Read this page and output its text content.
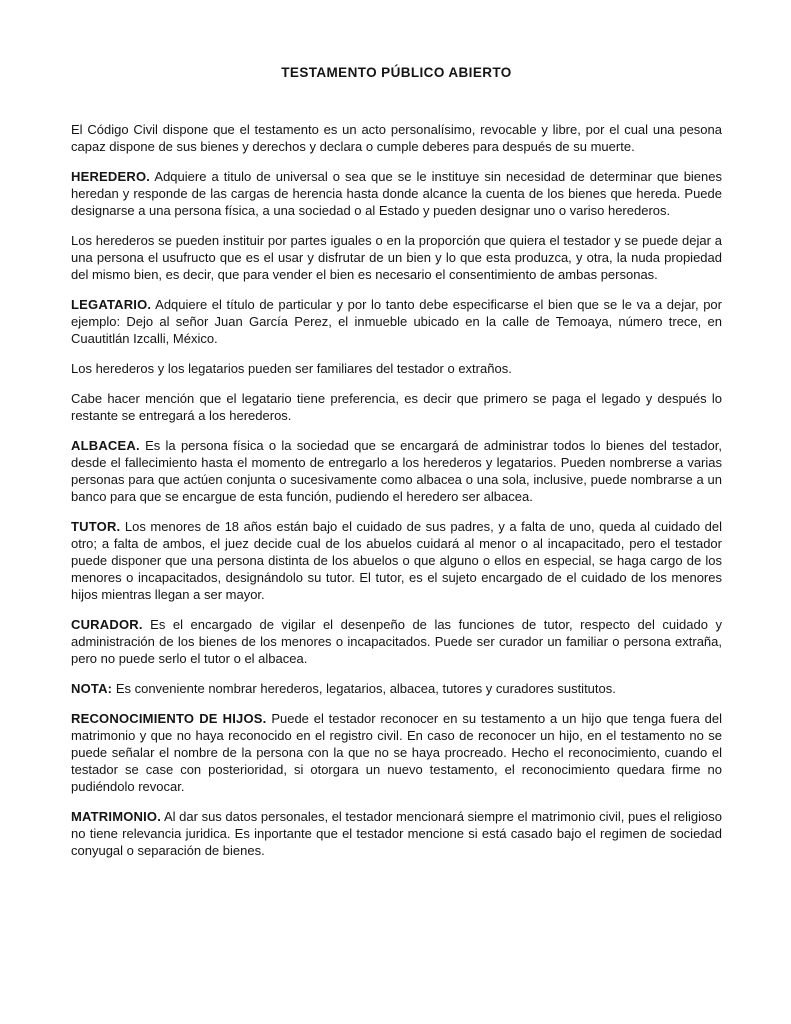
TESTAMENTO PÚBLICO ABIERTO

El Código Civil dispone que el testamento es un acto personalísimo, revocable y libre, por el cual una pesona capaz dispone de sus bienes y derechos y declara o cumple deberes para después de su muerte.

HEREDERO. Adquiere a titulo de universal o sea que se le instituye sin necesidad de determinar que bienes heredan y responde de las cargas de herencia hasta donde alcance la cuenta de los bienes que hereda. Puede designarse a una persona física, a una sociedad o al Estado y pueden designar uno o variso herederos.

Los herederos se pueden instituir por partes iguales o en la proporción que quiera el testador y se puede dejar a una persona el usufructo que es el usar y disfrutar de un bien y lo que esta produzca, y otra, la nuda propiedad del mismo bien, es decir, que para vender el bien es necesario el consentimiento de ambas personas.

LEGATARIO. Adquiere el título de particular y por lo tanto debe especificarse el bien que se le va a dejar, por ejemplo: Dejo al señor Juan García Perez, el inmueble ubicado en la calle de Temoaya, número trece, en Cuautitlán Izcalli, México.

Los herederos y los legatarios pueden ser familiares del testador o extraños.

Cabe hacer mención que el legatario tiene preferencia, es decir que primero se paga el legado y después lo restante se entregará a los herederos.

ALBACEA. Es la persona física o la sociedad que se encargará de administrar todos lo bienes del testador, desde el fallecimiento hasta el momento de entregarlo a los herederos y legatarios. Pueden nombrerse a varias personas para que actúen conjunta o sucesivamente como albacea o una sola, inclusive, puede nombrarse a un banco para que se encargue de esta función, pudiendo el heredero ser albacea.

TUTOR. Los menores de 18 años están bajo el cuidado de sus padres, y a falta de uno, queda al cuidado del otro; a falta de ambos, el juez decide cual de los abuelos cuidará al menor o al incapacitado, pero el testador puede disponer que una persona distinta de los abuelos o que alguno o ellos en especial, se haga cargo de los menores o incapacitados, designándolo su tutor. El tutor, es el sujeto encargado de el cuidado de los menores hijos mientras llegan a ser mayor.

CURADOR. Es el encargado de vigilar el desenpeño de las funciones de tutor, respecto del cuidado y administración de los bienes de los menores o incapacitados. Puede ser curador un familiar o persona extraña, pero no puede serlo el tutor o el albacea.

NOTA: Es conveniente nombrar herederos, legatarios, albacea, tutores y curadores sustitutos.

RECONOCIMIENTO DE HIJOS. Puede el testador reconocer en su testamento a un hijo que tenga fuera del matrimonio y que no haya reconocido en el registro civil. En caso de reconocer un hijo, en el testamento no se puede señalar el nombre de la persona con la que no se haya procreado. Hecho el reconocimiento, cuando el testador se case con posterioridad, si otorgara un nuevo testamento, el reconocimiento quedara firme no pudiéndolo revocar.

MATRIMONIO. Al dar sus datos personales, el testador mencionará siempre el matrimonio civil, pues el religioso no tiene relevancia juridica. Es inportante que el testador mencione si está casado bajo el regimen de sociedad conyugal o separación de bienes.
